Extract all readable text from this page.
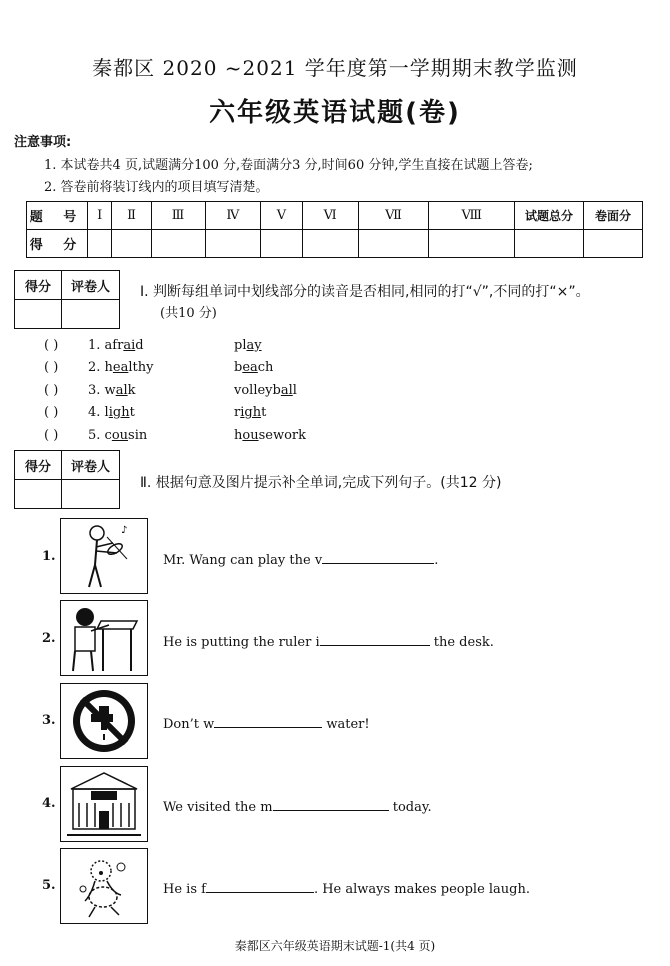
秦都区 2020 ~2021 学年度第一学期期末教学监测
六年级英语试题(卷)
注意事项:
1. 本试卷共4 页,试题满分100 分,卷面满分3 分,时间60 分钟,学生直接在试题上答卷;
2. 答卷前将装订线内的项目填写清楚。
题 号	Ⅰ	Ⅱ	Ⅲ	Ⅳ	Ⅴ	Ⅵ	Ⅶ	Ⅷ	试题总分	卷面分
得 分										
得分	评卷人
	Ⅰ. 判断每组单词中划线部分的读音是否相同,相同的打“√”,不同的打“×”。
(共10 分)
( )	1. afraid	play
( )	2. healthy	beach
( )	3. walk	volleyball
( )	4. light	right
( )	5. cousin	housework
得分	评卷人

Ⅱ. 根据句意及图片提示补全单词,完成下列句子。(共12 分)
1.
♪
Mr. Wang can play the v	.
2.	He is putting the ruler i	the desk.
3.	Don’t w	water!
4.	We visited the m	today.
5.	He is f	. He always makes people laugh.
秦都区六年级英语期末试题-1(共4 页)
